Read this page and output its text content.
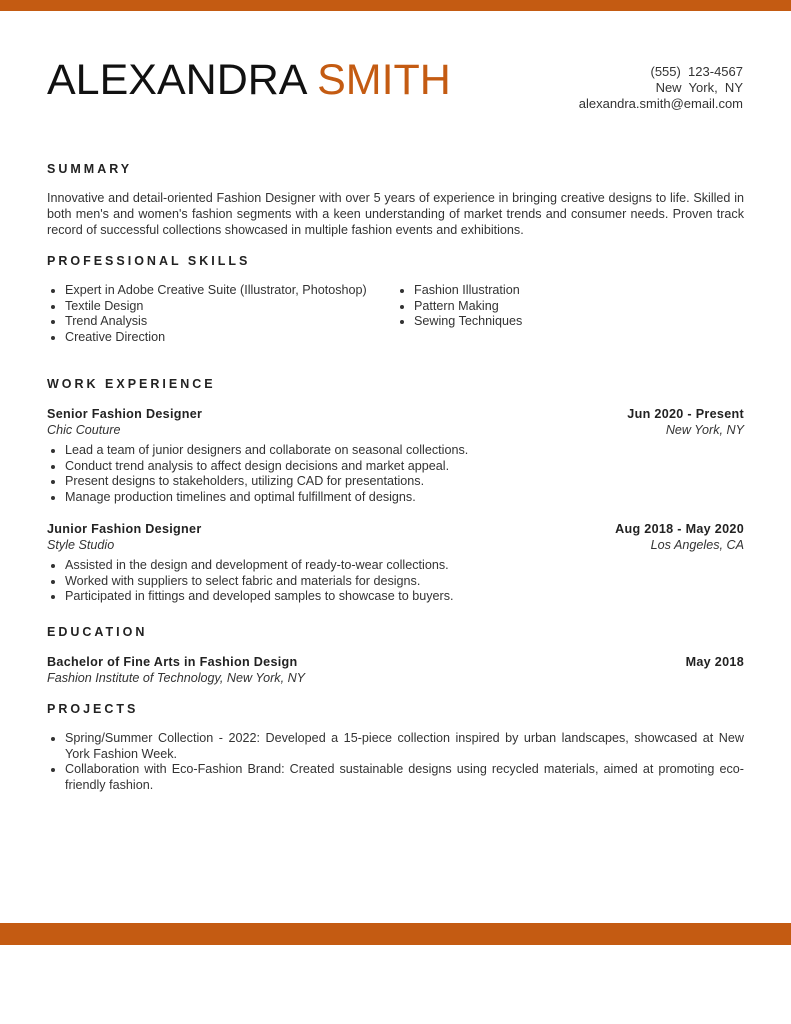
ALEXANDRA SMITH	(555)  123-4567
New  York,  NY
alexandra.smith@email.com
SUMMARY

Innovative and detail-oriented Fashion Designer with over 5 years of experience in bringing creative designs to life. Skilled in both men's and women's fashion segments with a keen understanding of market trends and consumer needs. Proven track record of successful collections showcased in multiple fashion events and exhibitions.

PROFESSIONAL SKILLS
Expert in Adobe Creative Suite (Illustrator, Photoshop)
Textile Design
Trend Analysis
Creative Direction
Fashion Illustration
Pattern Making
Sewing Techniques
WORK EXPERIENCE
Senior Fashion Designer	Jun 2020 - Present
Chic Couture	New York, NY
Lead a team of junior designers and collaborate on seasonal collections.
Conduct trend analysis to affect design decisions and market appeal.
Present designs to stakeholders, utilizing CAD for presentations.
Manage production timelines and optimal fulfillment of designs.
Junior Fashion Designer	Aug 2018 - May 2020
Style Studio	Los Angeles, CA
Assisted in the design and development of ready-to-wear collections.
Worked with suppliers to select fabric and materials for designs.
Participated in fittings and developed samples to showcase to buyers.
EDUCATION
Bachelor of Fine Arts in Fashion Design	May 2018
Fashion Institute of Technology, New York, NY
PROJECTS
Spring/Summer Collection - 2022: Developed a 15-piece collection inspired by urban landscapes, showcased at New York Fashion Week.
Collaboration with Eco-Fashion Brand: Created sustainable designs using recycled materials, aimed at promoting eco-friendly fashion.
